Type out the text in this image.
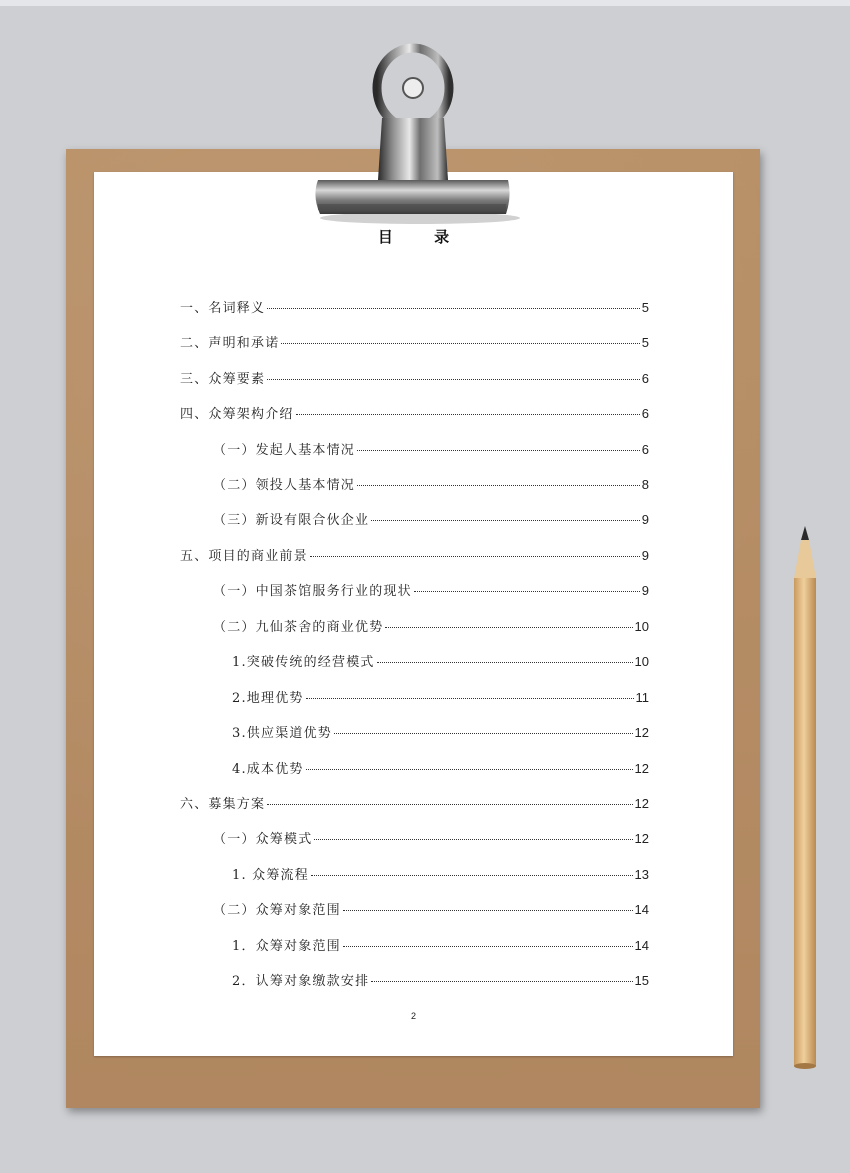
目 录
一、名词释义	5
二、声明和承诺	5
三、众筹要素	6
四、众筹架构介绍	6
（一）发起人基本情况	6
（二）领投人基本情况	8
（三）新设有限合伙企业	9
五、项目的商业前景	9
（一）中国茶馆服务行业的现状	9
（二）九仙茶舍的商业优势	10
1.突破传统的经营模式	10
2.地理优势	11
3.供应渠道优势	12
4.成本优势	12
六、募集方案	12
（一）众筹模式	12
1. 众筹流程	13
（二）众筹对象范围	14
1．众筹对象范围	14
2．认筹对象缴款安排	15
2
